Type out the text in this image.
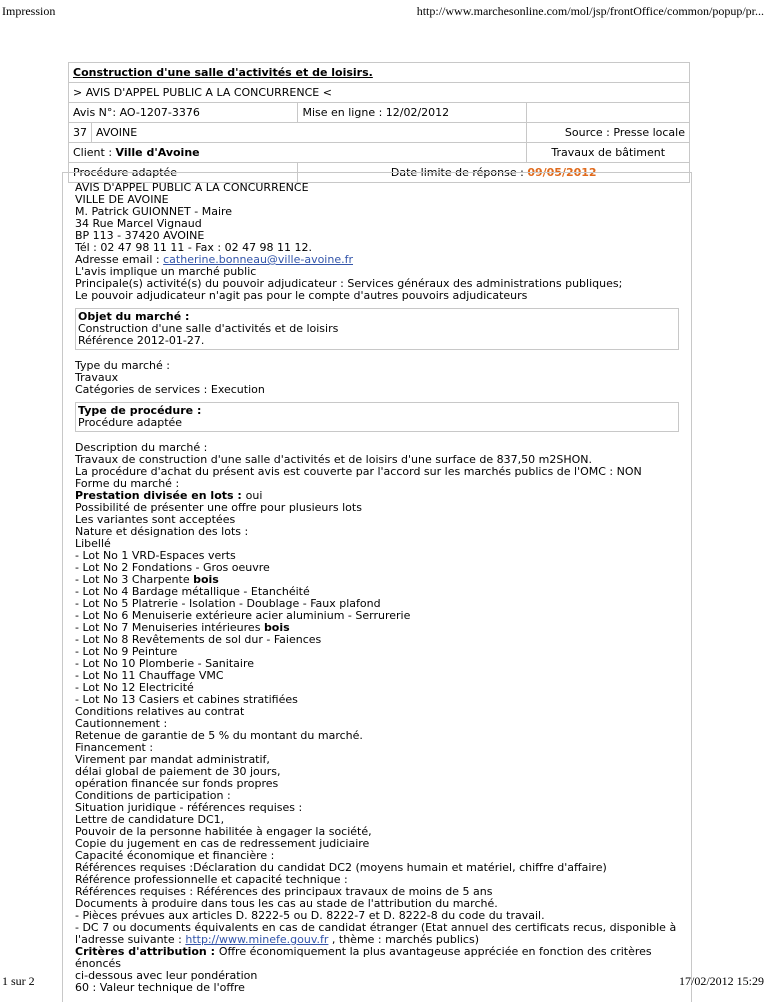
Impression	http://www.marchesonline.com/mol/jsp/frontOffice/common/popup/pr...
Construction d'une salle d'activités et de loisirs.			
> AVIS D'APPEL PUBLIC A LA CONCURRENCE <			
Avis N°: AO-1207-3376		Mise en ligne : 12/02/2012	
37	AVOINE		Source : Presse locale
Client : Ville d'Avoine			Travaux de bâtiment
Procédure adaptée		Date limite de réponse : 09/05/2012	

AVIS D'APPEL PUBLIC A LA CONCURRENCE

VILLE DE AVOINE

M. Patrick GUIONNET - Maire

34 Rue Marcel Vignaud

BP 113 - 37420 AVOINE

Tél : 02 47 98 11 11 - Fax : 02 47 98 11 12.

Adresse email : catherine.bonneau@ville-avoine.fr

L'avis implique un marché public

Principale(s) activité(s) du pouvoir adjudicateur : Services généraux des administrations publiques;

Le pouvoir adjudicateur n'agit pas pour le compte d'autres pouvoirs adjudicateurs

Objet du marché :

Construction d'une salle d'activités et de loisirs

Référence 2012-01-27.

Type du marché :

Travaux

Catégories de services : Execution

Type de procédure :

Procédure adaptée

Description du marché :

Travaux de construction d'une salle d'activités et de loisirs d'une surface de 837,50 m2SHON.

La procédure d'achat du présent avis est couverte par l'accord sur les marchés publics de l'OMC : NON

Forme du marché :

Prestation divisée en lots : oui

Possibilité de présenter une offre pour plusieurs lots

Les variantes sont acceptées

Nature et désignation des lots :

Libellé

- Lot No 1 VRD-Espaces verts

- Lot No 2 Fondations - Gros oeuvre

- Lot No 3 Charpente bois

- Lot No 4 Bardage métallique - Etanchéité

- Lot No 5 Platrerie - Isolation - Doublage - Faux plafond

- Lot No 6 Menuiserie extérieure acier aluminium - Serrurerie

- Lot No 7 Menuiseries intérieures bois

- Lot No 8 Revêtements de sol dur - Faiences

- Lot No 9 Peinture

- Lot No 10 Plomberie - Sanitaire

- Lot No 11 Chauffage VMC

- Lot No 12 Electricité

- Lot No 13 Casiers et cabines stratifiées

Conditions relatives au contrat

Cautionnement :

Retenue de garantie de 5 % du montant du marché.

Financement :

Virement par mandat administratif,

délai global de paiement de 30 jours,

opération financée sur fonds propres

Conditions de participation :

Situation juridique - références requises :

Lettre de candidature DC1,

Pouvoir de la personne habilitée à engager la société,

Copie du jugement en cas de redressement judiciaire

Capacité économique et financière :

Références requises :Déclaration du candidat DC2 (moyens humain et matériel, chiffre d'affaire)

Référence professionnelle et capacité technique :

Références requises : Références des principaux travaux de moins de 5 ans

Documents à produire dans tous les cas au stade de l'attribution du marché.

- Pièces prévues aux articles D. 8222-5 ou D. 8222-7 et D. 8222-8 du code du travail.

- DC 7 ou documents équivalents en cas de candidat étranger (Etat annuel des certificats recus, disponible à

l'adresse suivante : http://www.minefe.gouv.fr , thème : marchés publics)

Critères d'attribution : Offre économiquement la plus avantageuse appréciée en fonction des critères énoncés

ci-dessous avec leur pondération

60 : Valeur technique de l'offre

1 sur 2	17/02/2012 15:29
